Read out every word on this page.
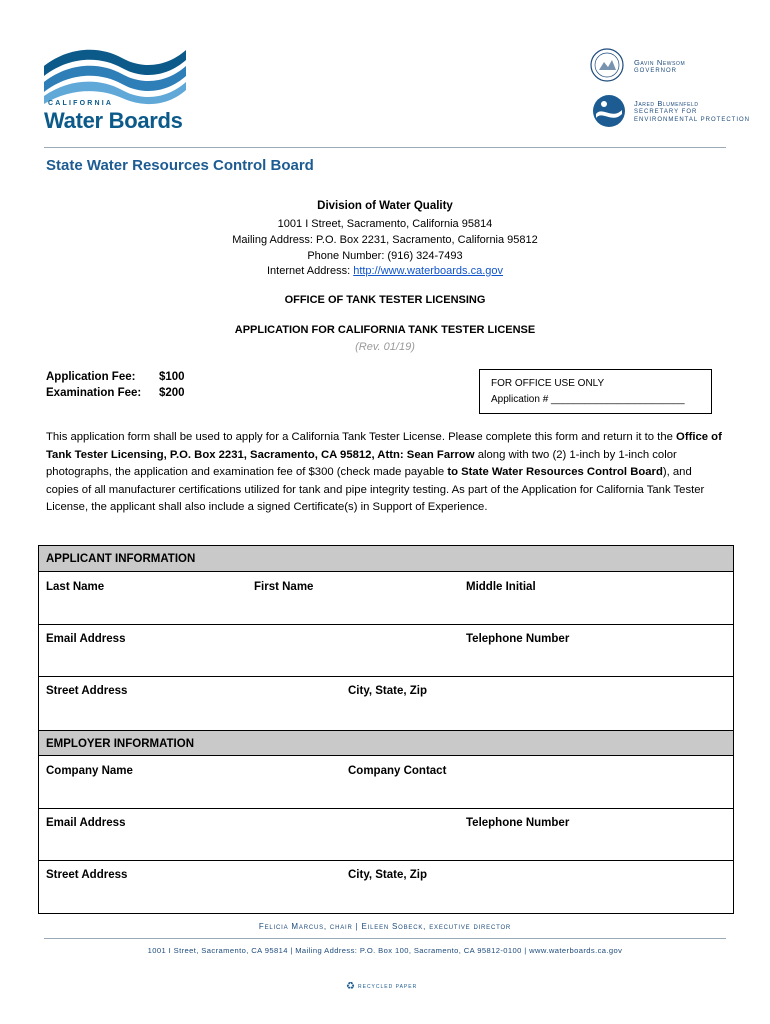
CALIFORNIA
Water Boards
Gavin Newsom
GOVERNOR
Jared Blumenfeld
SECRETARY FOR
ENVIRONMENTAL PROTECTION
State Water Resources Control Board
Division of Water Quality
1001 I Street, Sacramento, California 95814
Mailing Address: P.O. Box 2231, Sacramento, California 95812
Phone Number: (916) 324-7493
Internet Address: http://www.waterboards.ca.gov
OFFICE OF TANK TESTER LICENSING
APPLICATION FOR CALIFORNIA TANK TESTER LICENSE
(Rev. 01/19)
Application Fee: $100
Examination Fee: $200
FOR OFFICE USE ONLY
Application # ________________________
This application form shall be used to apply for a California Tank Tester License. Please complete this form and return it to the Office of Tank Tester Licensing, P.O. Box 2231, Sacramento, CA 95812, Attn: Sean Farrow along with two (2) 1-inch by 1-inch color photographs, the application and examination fee of $300 (check made payable to State Water Resources Control Board), and copies of all manufacturer certifications utilized for tank and pipe integrity testing. As part of the Application for California Tank Tester License, the applicant shall also include a signed Certificate(s) in Support of Experience.
APPLICANT INFORMATION
Last Name	First Name	Middle Initial
Email Address	Telephone Number
Street Address	City, State, Zip
EMPLOYER INFORMATION
Company Name	Company Contact
Email Address	Telephone Number
Street Address	City, State, Zip
Felicia Marcus, chair | Eileen Sobeck, executive director
1001 I Street, Sacramento, CA 95814 | Mailing Address: P.O. Box 100, Sacramento, CA 95812-0100 | www.waterboards.ca.gov
♻ RECYCLED PAPER
